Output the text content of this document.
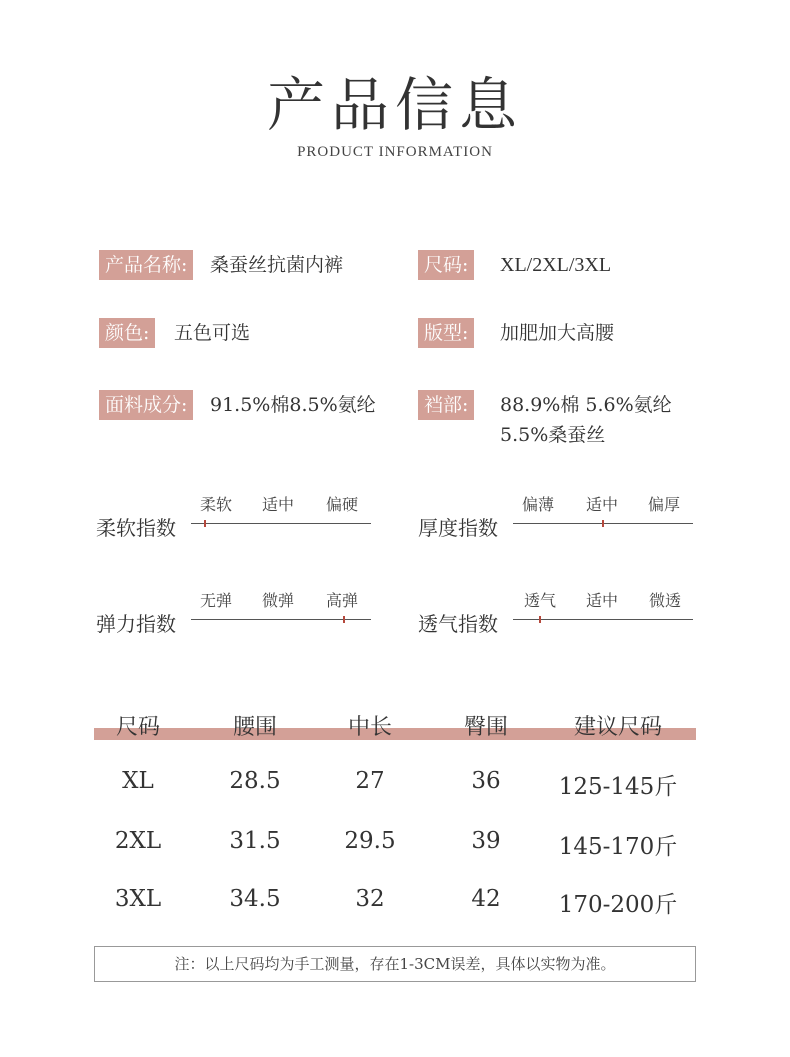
产品信息
PRODUCT INFORMATION
产品名称:	桑蚕丝抗菌内裤	尺码:	XL/2XL/3XL
颜色:	五色可选	版型:	加肥加大高腰
面料成分:	91.5%棉8.5%氨纶	裆部:	88.9%棉 5.6%氨纶
5.5%桑蚕丝
柔软指数
柔软 适中 偏硬
厚度指数
偏薄 适中 偏厚
弹力指数
无弹 微弹 高弹
透气指数
透气 适中 微透
尺码	腰围	中长	臀围	建议尺码
XL	28.5	27	36	125-145斤
2XL	31.5	29.5	39	145-170斤
3XL	34.5	32	42	170-200斤
注：以上尺码均为手工测量，存在1-3CM误差，具体以实物为准。
